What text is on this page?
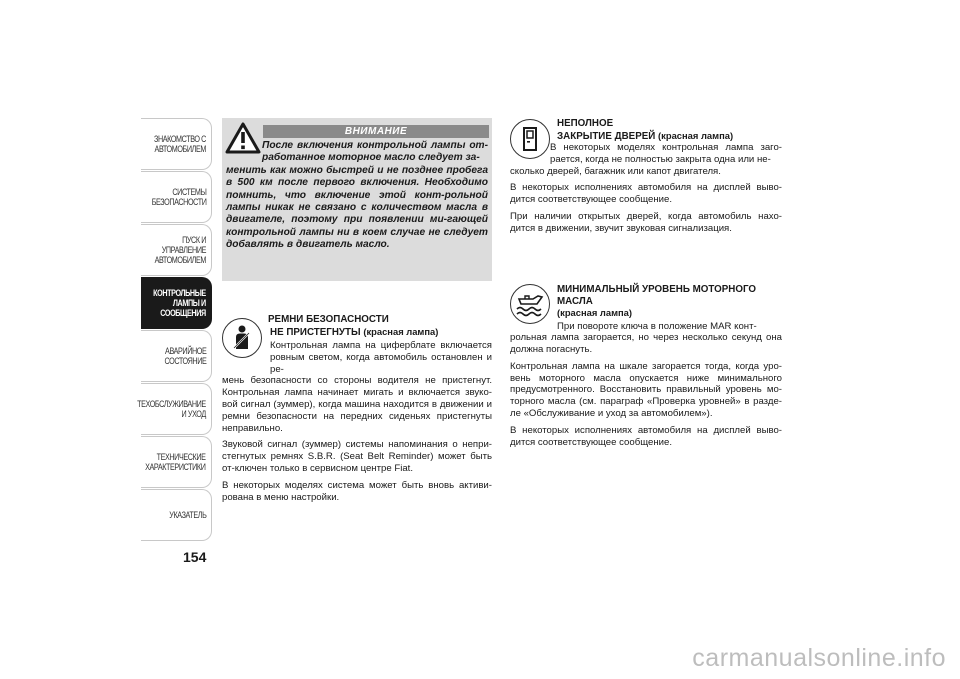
ЗНАКОМСТВО С
АВТОМОБИЛЕМ
СИСТЕМЫ
БЕЗОПАСНОСТИ
ПУСК И УПРАВЛЕНИЕ
АВТОМОБИЛЕМ
КОНТРОЛЬНЫЕ
ЛАМПЫ И
СООБЩЕНИЯ
АВАРИЙНОЕ
СОСТОЯНИЕ
ТЕХОБСЛУЖИВАНИЕ
И УХОД
ТЕХНИЧЕСКИЕ
ХАРАКТЕРИСТИКИ
УКАЗАТЕЛЬ
154
ВНИМАНИЕ
После включения контрольной лампы от-работанное моторное масло следует за-
менить как можно быстрей и не позднее пробега в 500 км после первого включения. Необходимо помнить, что включение этой конт-рольной лампы никак не связано с количеством масла в двигателе, поэтому при появлении ми-гающей контрольной лампы ни в коем случае не следует добавлять в двигатель масло.
РЕМНИ БЕЗОПАСНОСТИ
НЕ ПРИСТЕГНУТЫ (красная лампа)

Контрольная лампа на циферблате включается ровным светом, когда автомобиль остановлен и ре-

мень безопасности со стороны водителя не пристегнут. Контрольная лампа начинает мигать и включается звуко-вой сигнал (зуммер), когда машина находится в движении и ремни безопасности на передних сиденьях пристегнуты неправильно.

Звуковой сигнал (зуммер) системы напоминания о непри-стегнутых ремнях S.B.R. (Seat Belt Reminder) может быть от-ключен только в сервисном центре Fiat.

В некоторых моделях система может быть вновь активи-рована в меню настройки.

НЕПОЛНОЕ
ЗАКРЫТИЕ ДВЕРЕЙ (красная лампа)

В некоторых моделях контрольная лампа заго-рается, когда не полностью закрыта одна или не-

сколько дверей, багажник или капот двигателя.

В некоторых исполнениях автомобиля на дисплей выво-дится соответствующее сообщение.

При наличии открытых дверей, когда автомобиль нахо-дится в движении, звучит звуковая сигнализация.

МИНИМАЛЬНЫЙ УРОВЕНЬ МОТОРНОГО
МАСЛА
(красная лампа)

При повороте ключа в положение MAR конт-

рольная лампа загорается, но через несколько секунд она должна погаснуть.

Контрольная лампа на шкале загорается тогда, когда уро-вень моторного масла опускается ниже минимального предусмотренного. Восстановить правильный уровень мо-торного масла (см. параграф «Проверка уровней» в разде-ле «Обслуживание и уход за автомобилем»).

В некоторых исполнениях автомобиля на дисплей выво-дится соответствующее сообщение.

carmanualsonline.info
